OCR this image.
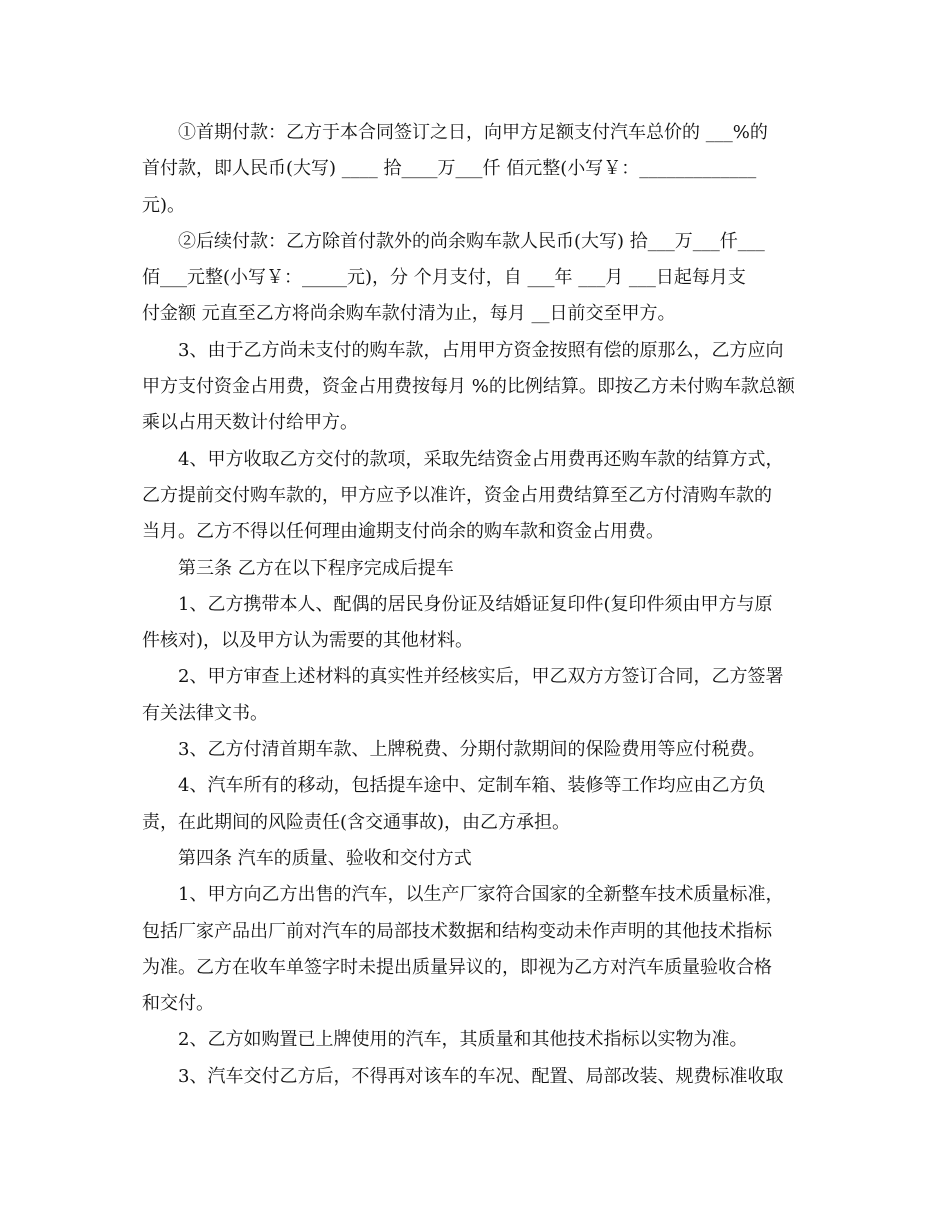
①首期付款：乙方于本合同签订之日，向甲方足额支付汽车总价的 ___%的
首付款，即人民币(大写) ____ 拾____万___仟 佰元整(小写￥：_____________
元)。

②后续付款：乙方除首付款外的尚余购车款人民币(大写) 拾___万___仟___
佰___元整(小写￥：_____元)，分 个月支付，自 ___年 ___月 ___日起每月支
付金额 元直至乙方将尚余购车款付清为止，每月 __日前交至甲方。

3、由于乙方尚未支付的购车款，占用甲方资金按照有偿的原那么，乙方应向
甲方支付资金占用费，资金占用费按每月 %的比例结算。即按乙方未付购车款总额
乘以占用天数计付给甲方。

4、甲方收取乙方交付的款项，采取先结资金占用费再还购车款的结算方式，
乙方提前交付购车款的，甲方应予以准许，资金占用费结算至乙方付清购车款的
当月。乙方不得以任何理由逾期支付尚余的购车款和资金占用费。

第三条 乙方在以下程序完成后提车

1、乙方携带本人、配偶的居民身份证及结婚证复印件(复印件须由甲方与原
件核对)，以及甲方认为需要的其他材料。

2、甲方审查上述材料的真实性并经核实后，甲乙双方方签订合同，乙方签署
有关法律文书。

3、乙方付清首期车款、上牌税费、分期付款期间的保险费用等应付税费。

4、汽车所有的移动，包括提车途中、定制车箱、装修等工作均应由乙方负
责，在此期间的风险责任(含交通事故)，由乙方承担。

第四条 汽车的质量、验收和交付方式

1、甲方向乙方出售的汽车，以生产厂家符合国家的全新整车技术质量标准，
包括厂家产品出厂前对汽车的局部技术数据和结构变动未作声明的其他技术指标
为准。乙方在收车单签字时未提出质量异议的，即视为乙方对汽车质量验收合格
和交付。

2、乙方如购置已上牌使用的汽车，其质量和其他技术指标以实物为准。

3、汽车交付乙方后，不得再对该车的车况、配置、局部改装、规费标准收取
